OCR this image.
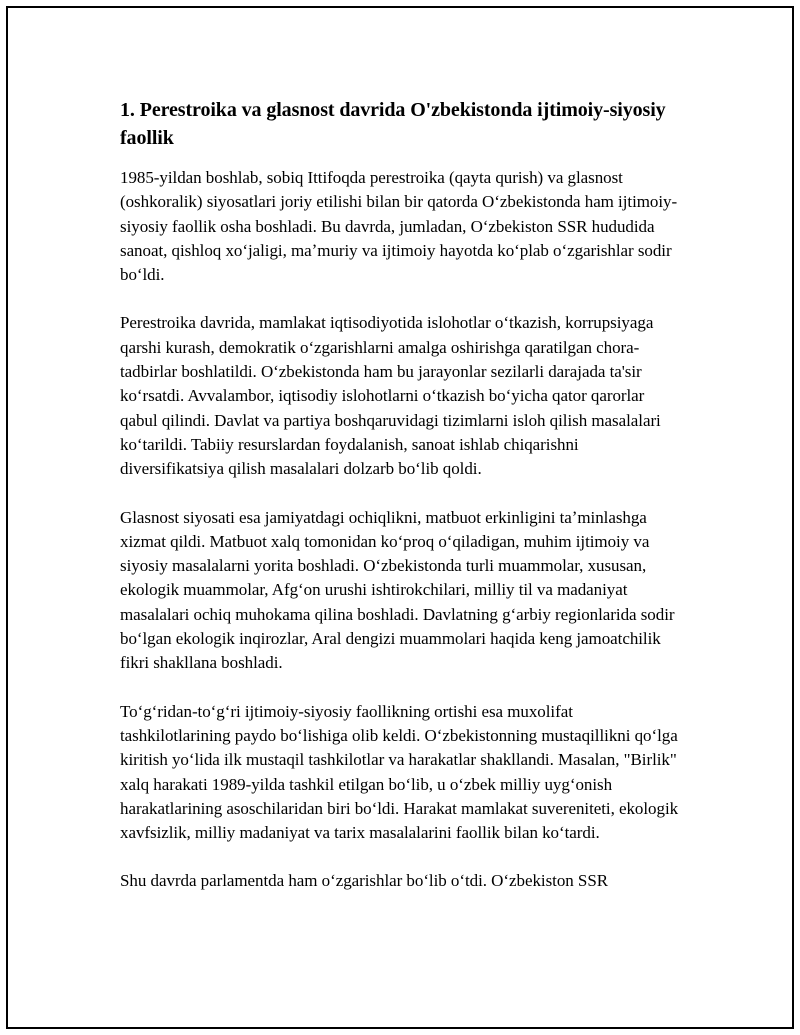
1. Perestroika va glasnost davrida O'zbekistonda ijtimoiy-siyosiy faollik

1985-yildan boshlab, sobiq Ittifoqda perestroika (qayta qurish) va glasnost (oshkoralik) siyosatlari joriy etilishi bilan bir qatorda Oʻzbekistonda ham ijtimoiy-siyosiy faollik osha boshladi. Bu davrda, jumladan, Oʻzbekiston SSR hududida sanoat, qishloq xoʻjaligi, maʼmuriy va ijtimoiy hayotda koʻplab oʻzgarishlar sodir boʻldi.

Perestroika davrida, mamlakat iqtisodiyotida islohotlar oʻtkazish, korrupsiyaga qarshi kurash, demokratik oʻzgarishlarni amalga oshirishga qaratilgan chora-tadbirlar boshlatildi. Oʻzbekistonda ham bu jarayonlar sezilarli darajada ta'sir koʻrsatdi. Avvalambor, iqtisodiy islohotlarni oʻtkazish boʻyicha qator qarorlar qabul qilindi. Davlat va partiya boshqaruvidagi tizimlarni isloh qilish masalalari koʻtarildi. Tabiiy resurslardan foydalanish, sanoat ishlab chiqarishni diversifikatsiya qilish masalalari dolzarb boʻlib qoldi.

Glasnost siyosati esa jamiyatdagi ochiqlikni, matbuot erkinligini taʼminlashga xizmat qildi. Matbuot xalq tomonidan koʻproq oʻqiladigan, muhim ijtimoiy va siyosiy masalalarni yorita boshladi. Oʻzbekistonda turli muammolar, xususan, ekologik muammolar, Afgʻon urushi ishtirokchilari, milliy til va madaniyat masalalari ochiq muhokama qilina boshladi. Davlatning gʻarbiy regionlarida sodir boʻlgan ekologik inqirozlar, Aral dengizi muammolari haqida keng jamoatchilik fikri shakllana boshladi.

Toʻgʻridan-toʻgʻri ijtimoiy-siyosiy faollikning ortishi esa muxolifat tashkilotlarining paydo boʻlishiga olib keldi. Oʻzbekistonning mustaqillikni qoʻlga kiritish yoʻlida ilk mustaqil tashkilotlar va harakatlar shakllandi. Masalan, "Birlik" xalq harakati 1989-yilda tashkil etilgan boʻlib, u oʻzbek milliy uygʻonish harakatlarining asoschilaridan biri boʻldi. Harakat mamlakat suvereniteti, ekologik xavfsizlik, milliy madaniyat va tarix masalalarini faollik bilan koʻtardi.

Shu davrda parlamentda ham oʻzgarishlar boʻlib oʻtdi. Oʻzbekiston SSR
